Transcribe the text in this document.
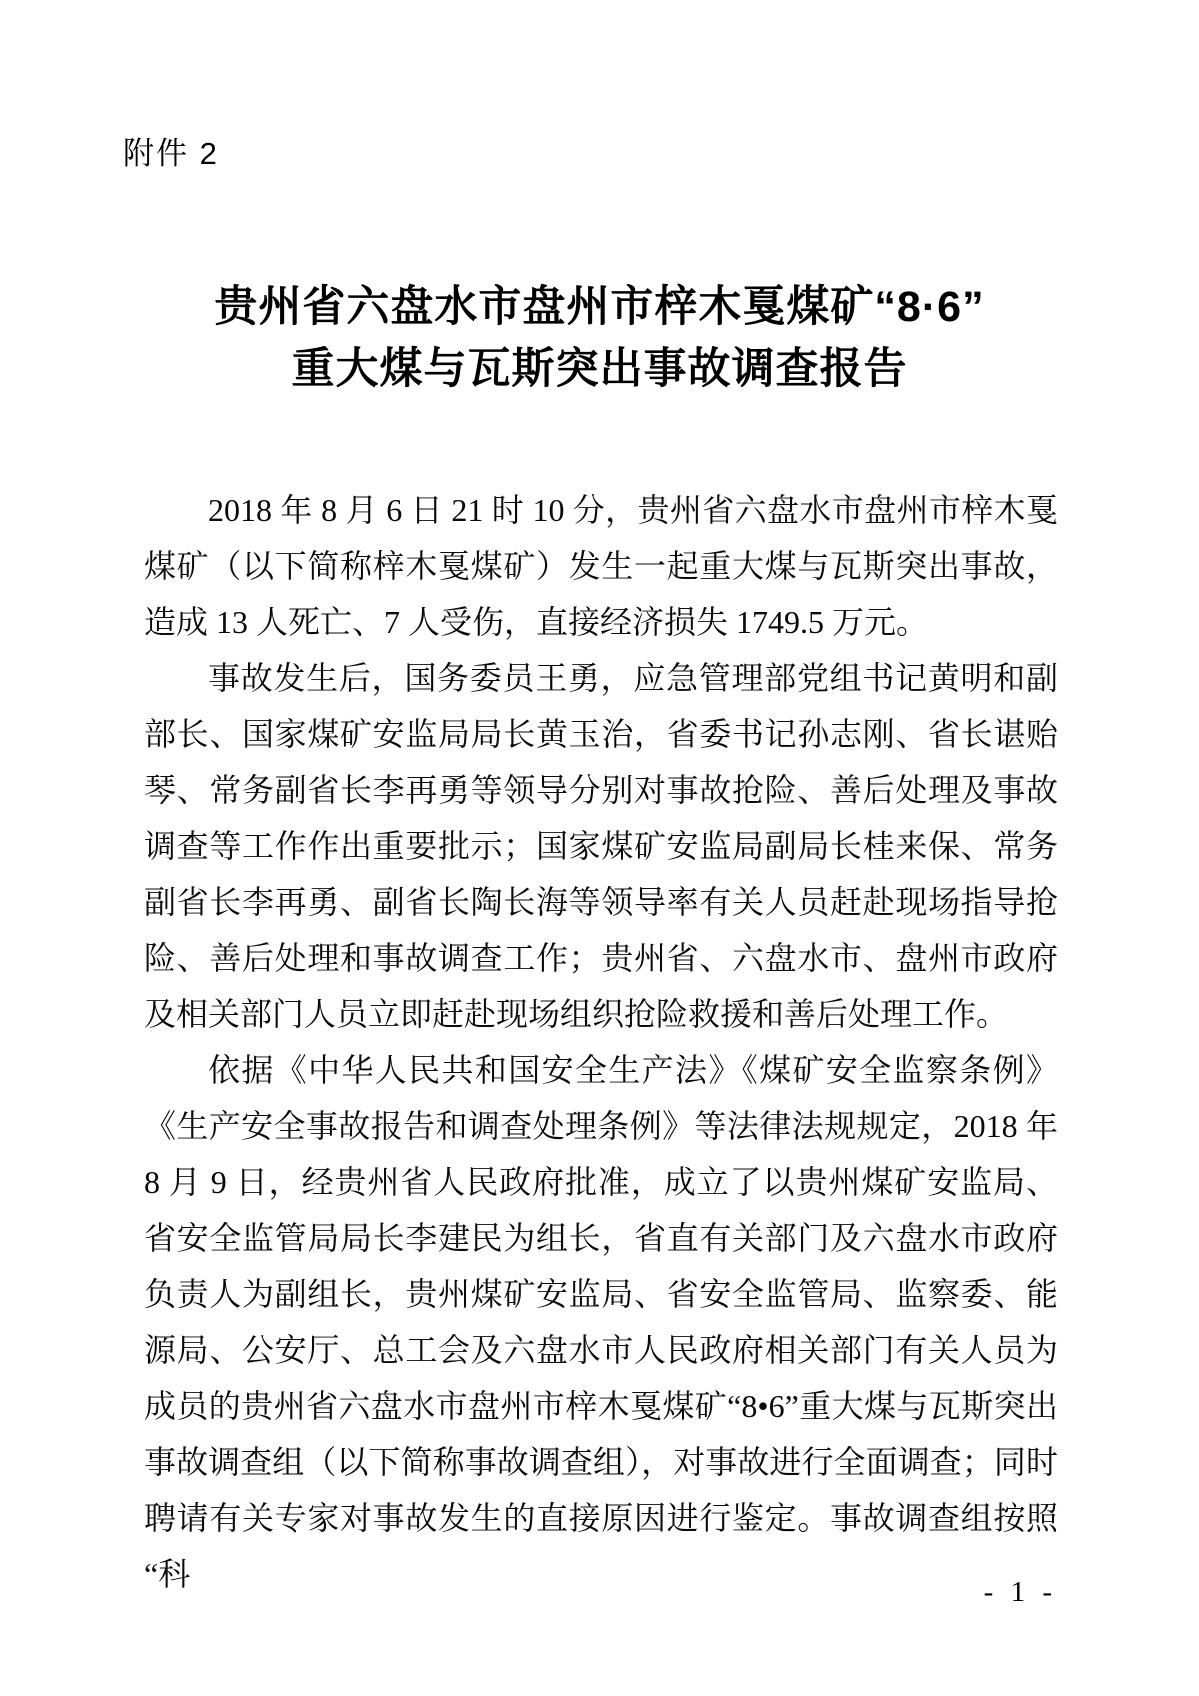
附件 2
贵州省六盘水市盘州市梓木戛煤矿“8·6”
重大煤与瓦斯突出事故调查报告

2018 年 8 月 6 日 21 时 10 分，贵州省六盘水市盘州市梓木戛煤矿（以下简称梓木戛煤矿）发生一起重大煤与瓦斯突出事故，造成 13 人死亡、7 人受伤，直接经济损失 1749.5 万元。

事故发生后，国务委员王勇，应急管理部党组书记黄明和副部长、国家煤矿安监局局长黄玉治，省委书记孙志刚、省长谌贻琴、常务副省长李再勇等领导分别对事故抢险、善后处理及事故调查等工作作出重要批示；国家煤矿安监局副局长桂来保、常务副省长李再勇、副省长陶长海等领导率有关人员赶赴现场指导抢险、善后处理和事故调查工作；贵州省、六盘水市、盘州市政府及相关部门人员立即赶赴现场组织抢险救援和善后处理工作。

依据《中华人民共和国安全生产法》《煤矿安全监察条例》《生产安全事故报告和调查处理条例》等法律法规规定，2018 年 8 月 9 日，经贵州省人民政府批准，成立了以贵州煤矿安监局、省安全监管局局长李建民为组长，省直有关部门及六盘水市政府负责人为副组长，贵州煤矿安监局、省安全监管局、监察委、能源局、公安厅、总工会及六盘水市人民政府相关部门有关人员为成员的贵州省六盘水市盘州市梓木戛煤矿“8•6”重大煤与瓦斯突出事故调查组（以下简称事故调查组），对事故进行全面调查；同时聘请有关专家对事故发生的直接原因进行鉴定。事故调查组按照“科	- 1 -
